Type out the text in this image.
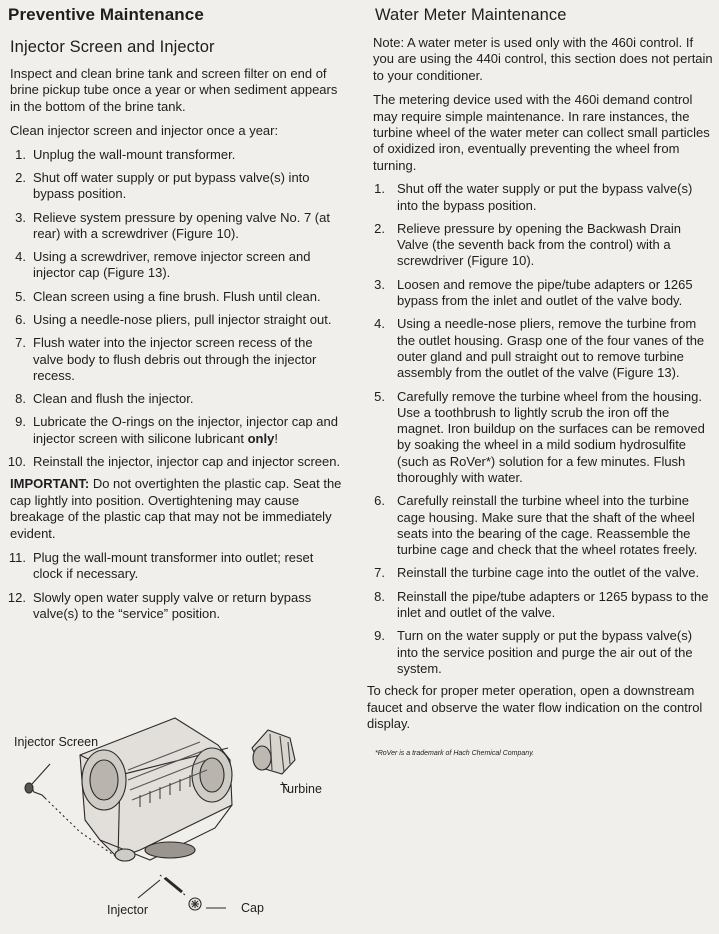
Preventive Maintenance
Injector Screen and Injector

Inspect and clean brine tank and screen filter on end of brine pickup tube once a year or when sediment appears in the bottom of the brine tank.

Clean injector screen and injector once a year:

1. Unplug the wall-mount transformer.
2. Shut off water supply or put bypass valve(s) into bypass position.
3. Relieve system pressure by opening valve No. 7 (at rear) with a screwdriver (Figure 10).
4. Using a screwdriver, remove injector screen and injector cap (Figure 13).
5. Clean screen using a fine brush. Flush until clean.
6. Using a needle-nose pliers, pull injector straight out.
7. Flush water into the injector screen recess of the valve body to flush debris out through the injector recess.
8. Clean and flush the injector.
9. Lubricate the O-rings on the injector, injector cap and injector screen with silicone lubricant only!
10. Reinstall the injector, injector cap and injector screen.

IMPORTANT: Do not overtighten the plastic cap. Seat the cap lightly into position. Overtightening may cause breakage of the plastic cap that may not be immediately evident.

11. Plug the wall-mount transformer into outlet; reset clock if necessary.
12. Slowly open water supply valve or return bypass valve(s) to the “service” position.
Injector Screen
Turbine
Injector	Cap
Water Meter Maintenance

Note: A water meter is used only with the 460i control. If you are using the 440i control, this section does not pertain to your conditioner.

The metering device used with the 460i demand control may require simple maintenance. In rare instances, the turbine wheel of the water meter can collect small particles of oxidized iron, eventually preventing the wheel from turning.

1. Shut off the water supply or put the bypass valve(s) into the bypass position.
2. Relieve pressure by opening the Backwash Drain Valve (the seventh back from the control) with a screwdriver (Figure 10).
3. Loosen and remove the pipe/tube adapters or 1265 bypass from the inlet and outlet of the valve body.
4. Using a needle-nose pliers, remove the turbine from the outlet housing. Grasp one of the four vanes of the outer gland and pull straight out to remove turbine assembly from the outlet of the valve (Figure 13).
5. Carefully remove the turbine wheel from the housing. Use a toothbrush to lightly scrub the iron off the magnet. Iron buildup on the surfaces can be removed by soaking the wheel in a mild sodium hydrosulfite (such as RoVer*) solution for a few minutes. Flush thoroughly with water.
6. Carefully reinstall the turbine wheel into the turbine cage housing. Make sure that the shaft of the wheel seats into the bearing of the cage. Reassemble the turbine cage and check that the wheel rotates freely.
7. Reinstall the turbine cage into the outlet of the valve.
8. Reinstall the pipe/tube adapters or 1265 bypass to the inlet and outlet of the valve.
9. Turn on the water supply or put the bypass valve(s) into the service position and purge the air out of the system.

To check for proper meter operation, open a downstream faucet and observe the water flow indication on the control display.

*RoVer is a trademark of Hach Chemical Company.
